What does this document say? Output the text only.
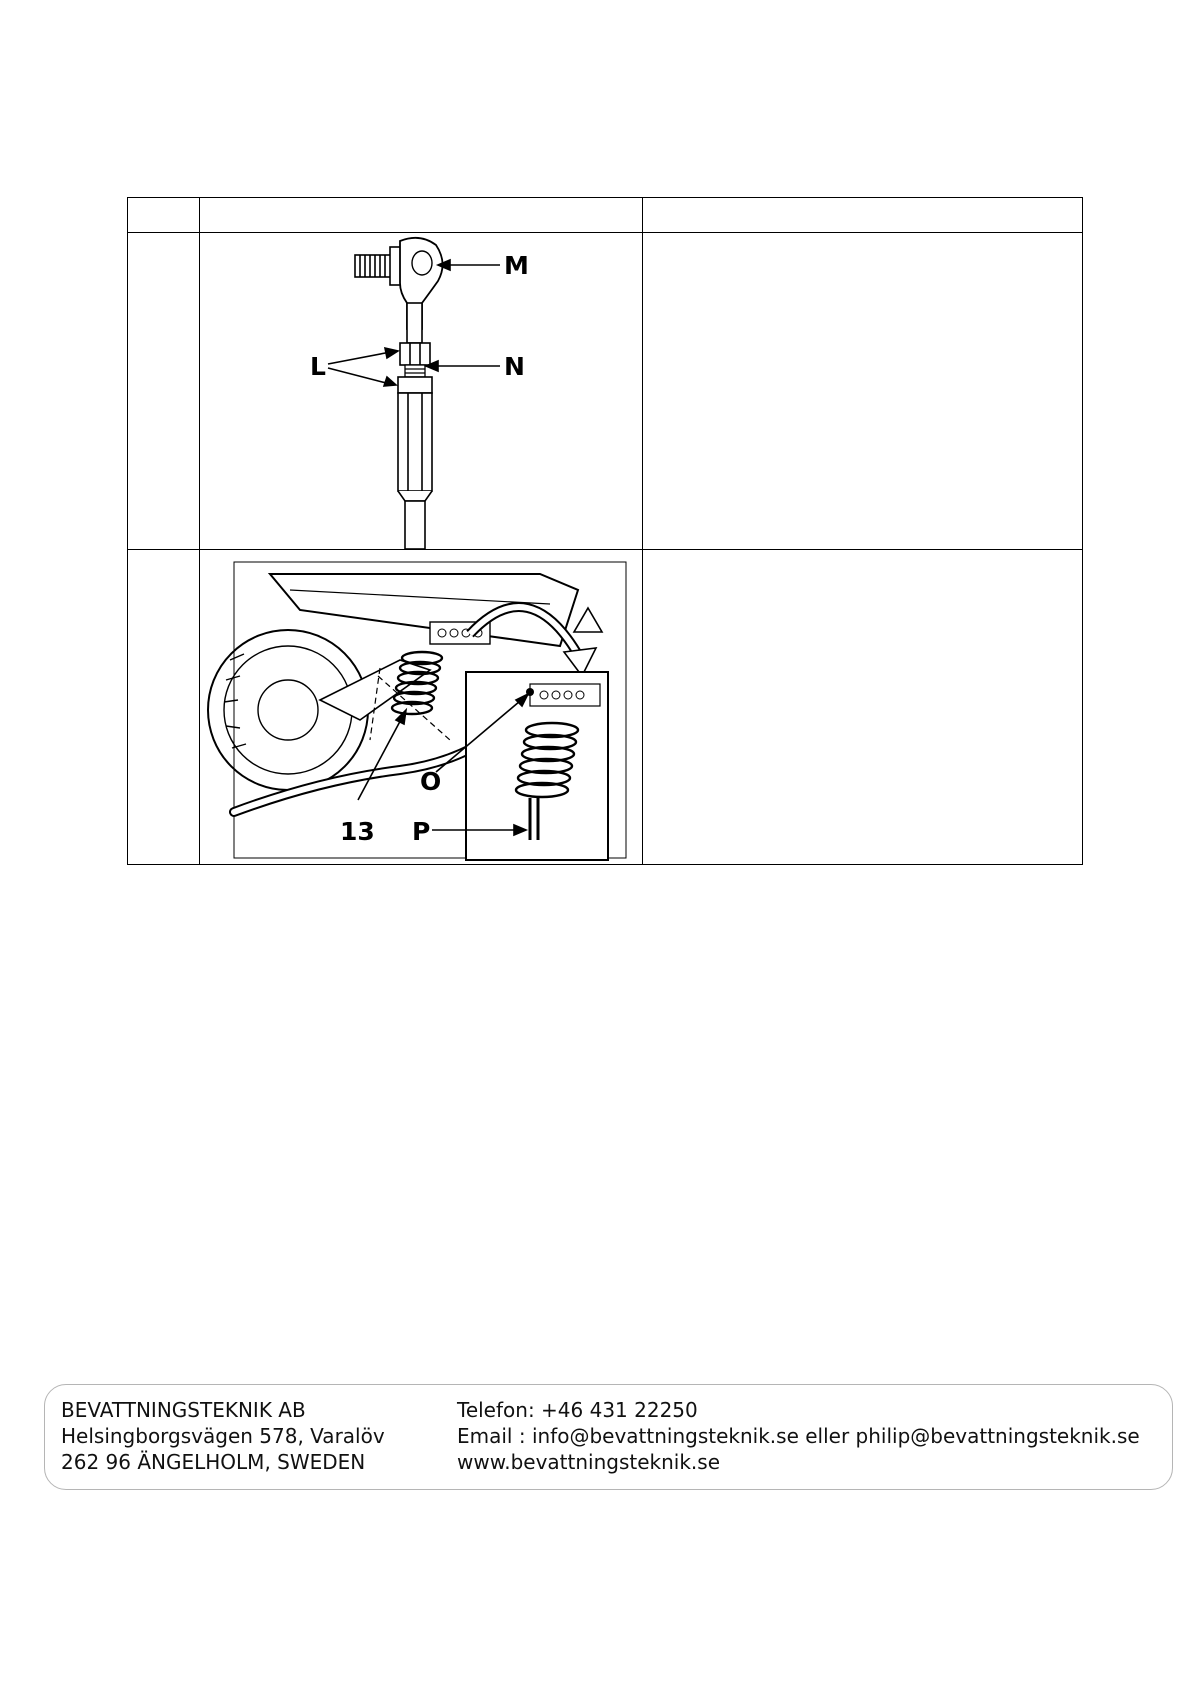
M
N
L	

O
13 P	

BEVATTNINGSTEKNIK AB
Helsingborgsvägen 578, Varalöv
262 96 ÄNGELHOLM, SWEDEN
Telefon: +46 431 22250
Email : info@bevattningsteknik.se eller philip@bevattningsteknik.se
www.bevattningsteknik.se
